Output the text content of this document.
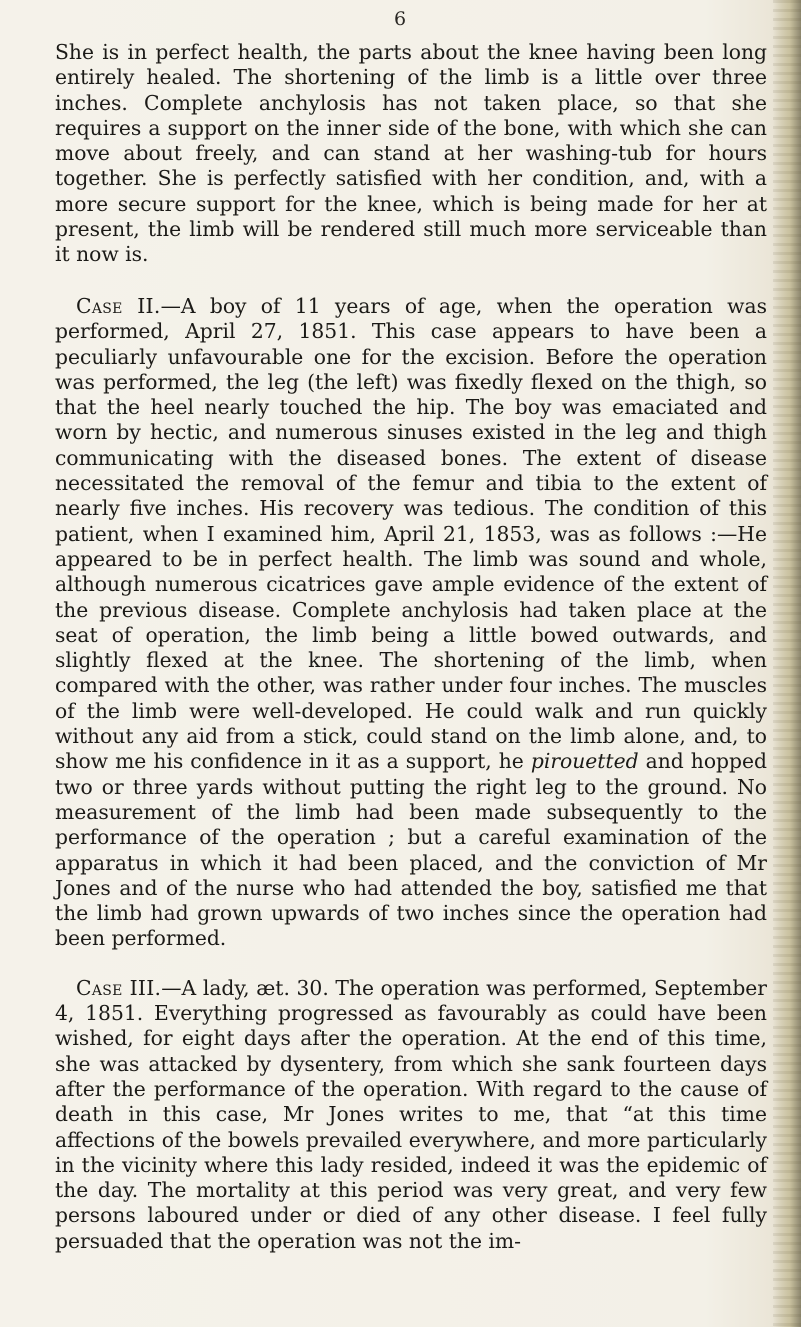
6

She is in perfect health, the parts about the knee having been long entirely healed. The shortening of the limb is a little over three inches. Complete anchylosis has not taken place, so that she requires a support on the inner side of the bone, with which she can move about freely, and can stand at her washing-tub for hours together. She is perfectly satisfied with her condition, and, with a more secure support for the knee, which is being made for her at present, the limb will be rendered still much more serviceable than it now is.

Case II.—A boy of 11 years of age, when the operation was performed, April 27, 1851. This case appears to have been a peculiarly unfavourable one for the excision. Before the operation was performed, the leg (the left) was fixedly flexed on the thigh, so that the heel nearly touched the hip. The boy was emaciated and worn by hectic, and numerous sinuses existed in the leg and thigh communicating with the diseased bones. The extent of disease necessitated the removal of the femur and tibia to the extent of nearly five inches. His recovery was tedious. The condition of this patient, when I examined him, April 21, 1853, was as follows :—He appeared to be in perfect health. The limb was sound and whole, although numerous cicatrices gave ample evidence of the extent of the previous disease. Complete anchylosis had taken place at the seat of operation, the limb being a little bowed outwards, and slightly flexed at the knee. The shortening of the limb, when compared with the other, was rather under four inches. The muscles of the limb were well-developed. He could walk and run quickly without any aid from a stick, could stand on the limb alone, and, to show me his confidence in it as a support, he pirouetted and hopped two or three yards without putting the right leg to the ground. No measurement of the limb had been made subsequently to the performance of the operation ; but a careful examination of the apparatus in which it had been placed, and the conviction of Mr Jones and of the nurse who had attended the boy, satisfied me that the limb had grown upwards of two inches since the operation had been performed.

Case III.—A lady, æt. 30. The operation was performed, September 4, 1851. Everything progressed as favourably as could have been wished, for eight days after the operation. At the end of this time, she was attacked by dysentery, from which she sank fourteen days after the performance of the operation. With regard to the cause of death in this case, Mr Jones writes to me, that “at this time affections of the bowels prevailed everywhere, and more particularly in the vicinity where this lady resided, indeed it was the epidemic of the day. The mortality at this period was very great, and very few persons laboured under or died of any other disease. I feel fully persuaded that the operation was not the im-
